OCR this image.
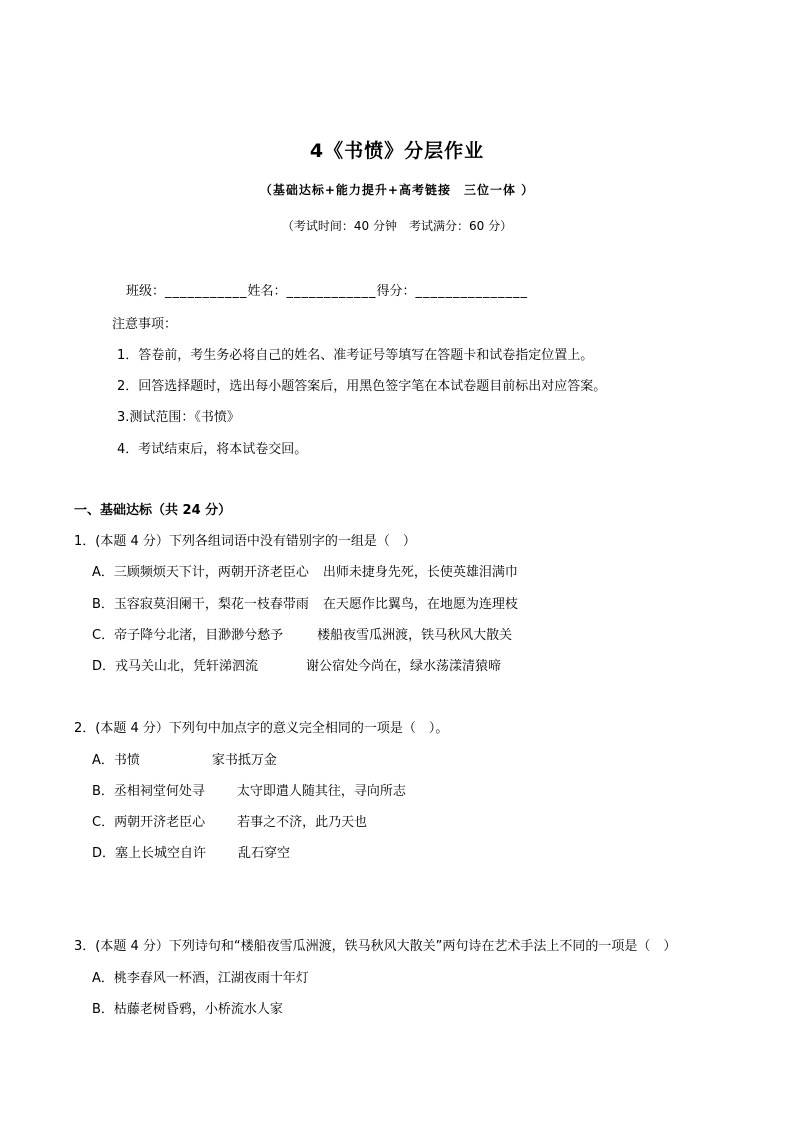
4《书愤》分层作业
（基础达标+能力提升+高考链接　三位一体 ）
（考试时间：40 分钟　考试满分：60 分）
班级：___________姓名：____________得分：_______________
注意事项：
1．答卷前，考生务必将自己的姓名、准考证号等填写在答题卡和试卷指定位置上。
2．回答选择题时，选出每小题答案后，用黑色签字笔在本试卷题目前标出对应答案。
3.测试范围：《书愤》
4．考试结束后，将本试卷交回。
一、基础达标（共 24 分）
1．(本题 4 分）下列各组词语中没有错别字的一组是（　）
A．三顾频烦天下计，两朝开济老臣心 出师未捷身先死，长使英雄泪满巾
B．玉容寂莫泪阑干，梨花一枝春带雨 在天愿作比翼鸟，在地愿为连理枝
C．帝子降兮北渚，目渺渺兮愁予	楼船夜雪瓜洲渡，铁马秋风大散关
D．戎马关山北，凭轩涕泗流	谢公宿处今尚在，绿水荡漾清猿啼
2．(本题 4 分）下列句中加点字的意义完全相同的一项是（　）。
A．书愤	家书抵万金
B．丞相祠堂何处寻 太守即遣人随其往，寻向所志
C．两朝开济老臣心 若事之不济，此乃天也
D．塞上长城空自许 乱石穿空
3．(本题 4 分）下列诗句和“楼船夜雪瓜洲渡，铁马秋风大散关”两句诗在艺术手法上不同的一项是（　）
A．桃李春风一杯酒，江湖夜雨十年灯
B．枯藤老树昏鸦，小桥流水人家
